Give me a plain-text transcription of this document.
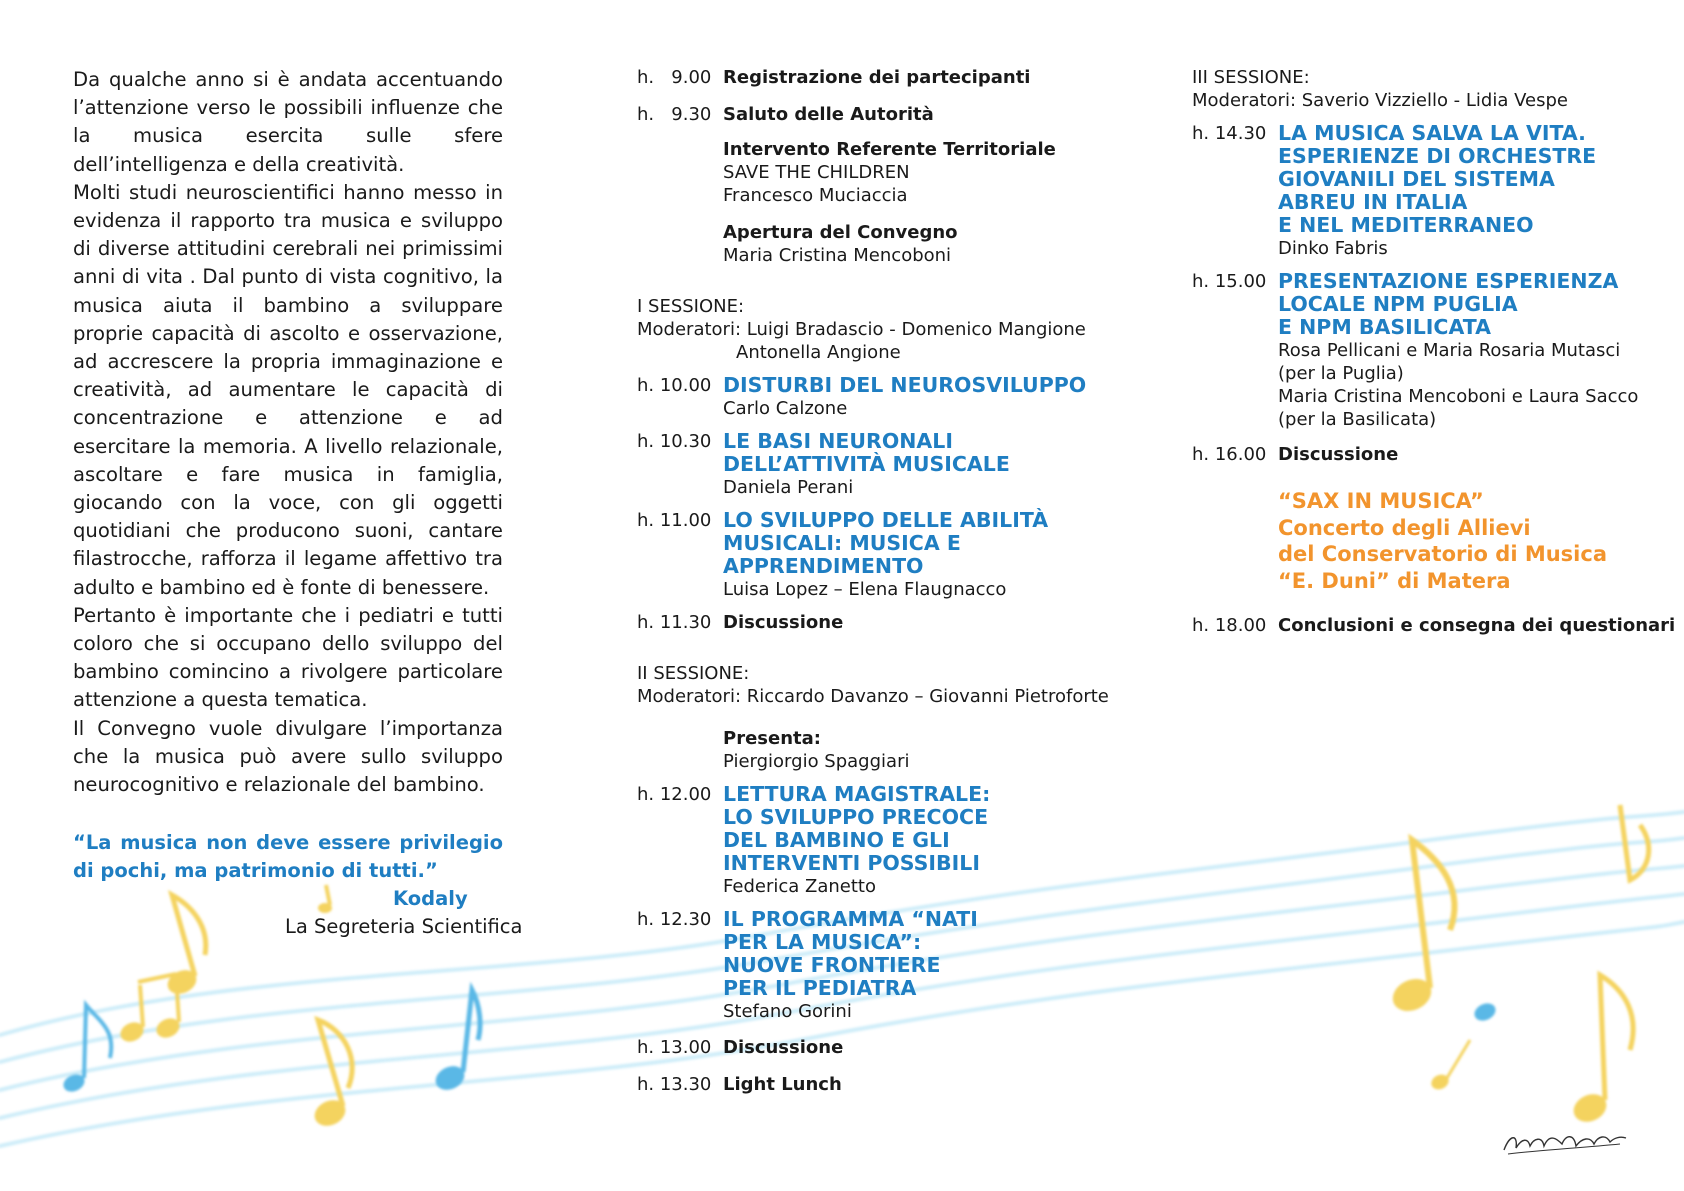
Da qualche anno si è andata accentuando l’attenzione verso le possibili influenze che la musica esercita sulle sfere dell’intelligenza e della creatività.
Molti studi neuroscientifici hanno messo in evidenza il rapporto tra musica e sviluppo di diverse attitudini cerebrali nei primissimi anni di vita . Dal punto di vista cognitivo, la musica aiuta il bambino a sviluppare proprie capacità di ascolto e osservazione, ad accrescere la propria immaginazione e creatività, ad aumentare le capacità di concentrazione e attenzione e ad esercitare la memoria. A livello relazionale, ascoltare e fare musica in famiglia, giocando con la voce, con gli oggetti quotidiani che producono suoni, cantare filastrocche, rafforza il legame affettivo tra adulto e bambino ed è fonte di benessere.
Pertanto è importante che i pediatri e tutti coloro che si occupano dello sviluppo del bambino comincino a rivolgere particolare attenzione a questa tematica.
Il Convegno vuole divulgare l’importanza che la musica può avere sullo sviluppo neurocognitivo e relazionale del bambino.

“La musica non deve essere privilegio di pochi, ma patrimonio di tutti.”

Kodaly

La Segreteria Scientifica
h.   9.00 Registrazione dei partecipanti
h.   9.30 Saluto delle Autorità
Intervento Referente Territoriale
SAVE THE CHILDREN
Francesco Muciaccia
Apertura del Convegno
Maria Cristina Mencoboni
I SESSIONE:
Moderatori: Luigi Bradascio - Domenico Mangione
Antonella Angione
h. 10.00 DISTURBI DEL NEUROSVILUPPO
Carlo Calzone
h. 10.30 LE BASI NEURONALI
DELL’ATTIVITÀ MUSICALE
Daniela Perani
h. 11.00 LO SVILUPPO DELLE ABILITÀ
MUSICALI: MUSICA E
APPRENDIMENTO
Luisa Lopez – Elena Flaugnacco
h. 11.30 Discussione
II SESSIONE:
Moderatori: Riccardo Davanzo – Giovanni Pietroforte
Presenta:
Piergiorgio Spaggiari
h. 12.00 LETTURA MAGISTRALE:
LO SVILUPPO PRECOCE
DEL BAMBINO E GLI
INTERVENTI POSSIBILI
Federica Zanetto
h. 12.30 IL PROGRAMMA “NATI
PER LA MUSICA”:
NUOVE FRONTIERE
PER IL PEDIATRA
Stefano Gorini
h. 13.00 Discussione
h. 13.30 Light Lunch
III SESSIONE:
Moderatori: Saverio Vizziello - Lidia Vespe
h. 14.30 LA MUSICA SALVA LA VITA.
ESPERIENZE DI ORCHESTRE
GIOVANILI DEL SISTEMA
ABREU IN ITALIA
E NEL MEDITERRANEO
Dinko Fabris
h. 15.00 PRESENTAZIONE ESPERIENZA
LOCALE NPM PUGLIA
E NPM BASILICATA
Rosa Pellicani e Maria Rosaria Mutasci
(per la Puglia)
Maria Cristina Mencoboni e Laura Sacco
(per la Basilicata)
h. 16.00 Discussione
“SAX IN MUSICA”
Concerto degli Allievi
del Conservatorio di Musica
“E. Duni” di Matera
h. 18.00 Conclusioni e consegna dei questionari
